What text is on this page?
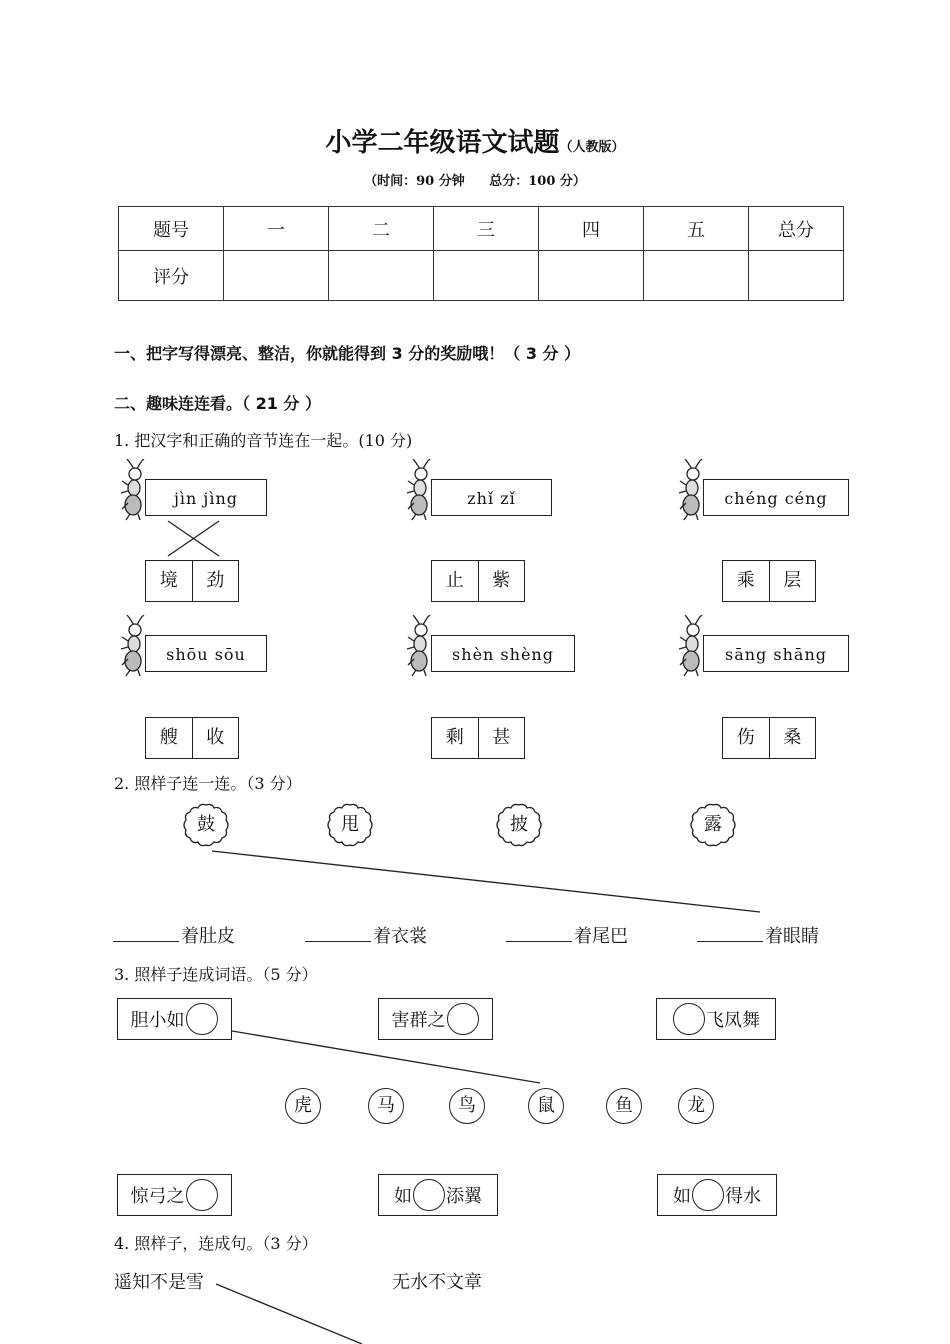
小学二年级语文试题（人教版）
（时间：90 分钟 总分：100 分）
题号	一	二	三	四	五	总分
评分						
一、把字写得漂亮、整洁，你就能得到 3 分的奖励哦！（ 3 分 ）
二、趣味连连看。（ 21 分 ）
1. 把汉字和正确的音节连在一起。(10 分)
jìn jìng	zhǐ zǐ	chéng céng
境	劲	止	紫	乘	层
shōu sōu	shèn shèng	sāng shāng
艘	收	剩	甚	伤	桑
2. 照样子连一连。（3 分）
鼓	甩	披	露
着肚皮	着衣裳	着尾巴	着眼睛
3. 照样子连成词语。（5 分）
胆小如	害群之	飞凤舞
虎	马	鸟	鼠	鱼	龙
惊弓之	如 添翼	如 得水
4. 照样子，连成句。（3 分）
遥知不是雪	无水不文章
